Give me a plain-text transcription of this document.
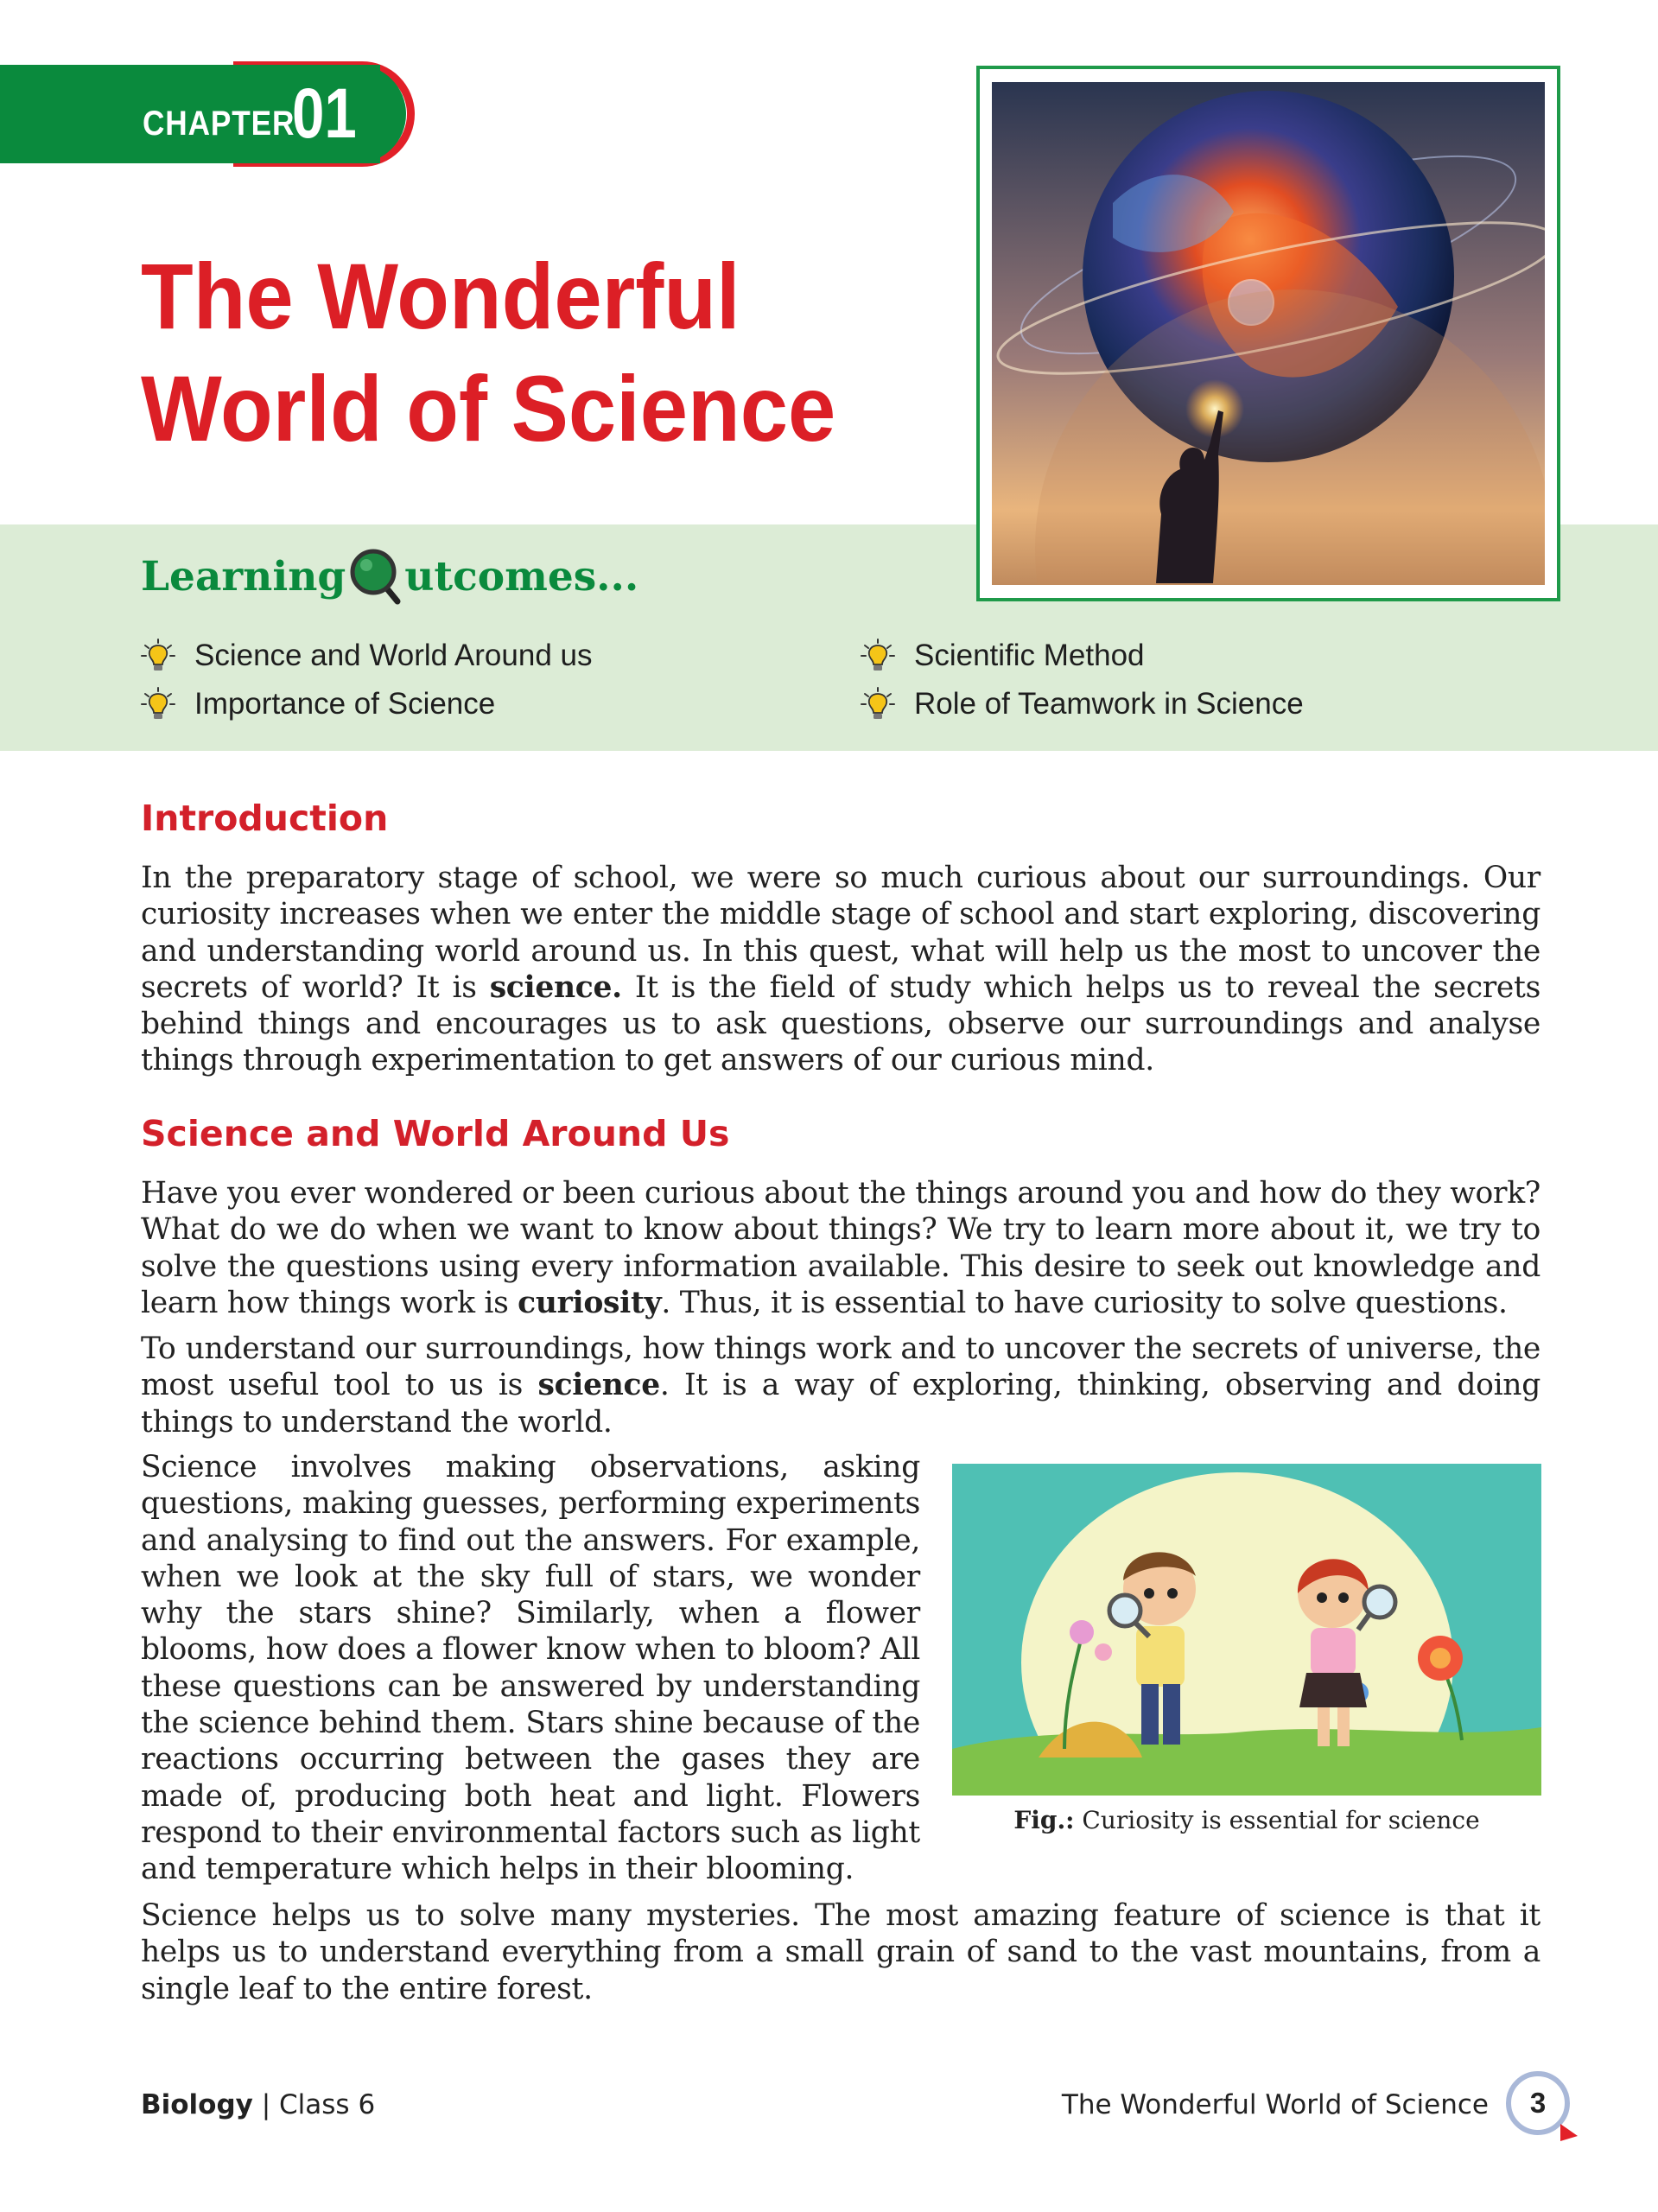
CHAPTER
01
The Wonderful
World of Science
Learning utcomes...
Science and World Around us
Importance of Science
Scientific Method
Role of Teamwork in Science
Introduction

In the preparatory stage of school, we were so much curious about our surroundings. Our curiosity increases when we enter the middle stage of school and start exploring, discovering and understanding world around us. In this quest, what will help us the most to uncover the secrets of world? It is science. It is the field of study which helps us to reveal the secrets behind things and encourages us to ask questions, observe our surroundings and analyse things through experimentation to get answers of our curious mind.

Science and World Around Us

Have you ever wondered or been curious about the things around you and how do they work? What do we do when we want to know about things? We try to learn more about it, we try to solve the questions using every information available. This desire to seek out knowledge and learn how things work is curiosity. Thus, it is essential to have curiosity to solve questions.

To understand our surroundings, how things work and to uncover the secrets of universe, the most useful tool to us is science. It is a way of exploring, thinking, observing and doing things to understand the world.

Science involves making observations, asking questions, making guesses, performing experiments and analysing to find out the answers. For example, when we look at the sky full of stars, we wonder why the stars shine? Similarly, when a flower blooms, how does a flower know when to bloom? All these questions can be answered by understanding the science behind them. Stars shine because of the reactions occurring between the gases they are made of, producing both heat and light. Flowers respond to their environmental factors such as light and temperature which helps in their blooming.

Science helps us to solve many mysteries. The most amazing feature of science is that it helps us to understand everything from a small grain of sand to the vast mountains, from a single leaf to the entire forest.

Fig.: Curiosity is essential for science
Biology | Class 6	The Wonderful World of Science	3
